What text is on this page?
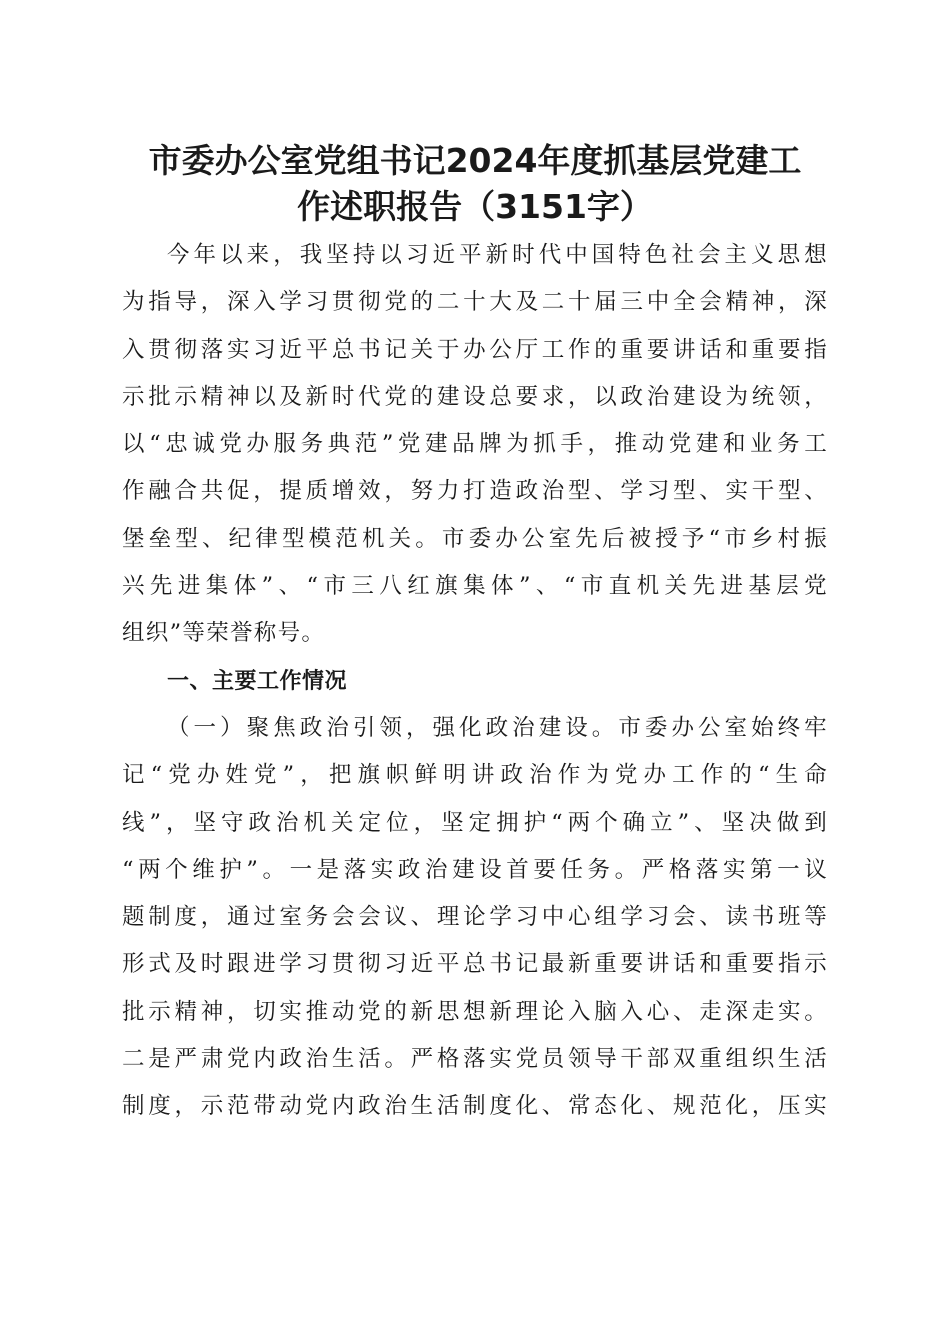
市委办公室党组书记2024年度抓基层党建工
作述职报告（3151字）
今年以来，我坚持以习近平新时代中国特色社会主义思想
为指导，深入学习贯彻党的二十大及二十届三中全会精神，深
入贯彻落实习近平总书记关于办公厅工作的重要讲话和重要指
示批示精神以及新时代党的建设总要求，以政治建设为统领，
以“忠诚党办服务典范”党建品牌为抓手，推动党建和业务工
作融合共促，提质增效，努力打造政治型、学习型、实干型、
堡垒型、纪律型模范机关。市委办公室先后被授予“市乡村振
兴先进集体”、“市三八红旗集体”、“市直机关先进基层党
组织”等荣誉称号。
一、主要工作情况
（一）聚焦政治引领，强化政治建设。市委办公室始终牢
记“党办姓党”，把旗帜鲜明讲政治作为党办工作的“生命
线”，坚守政治机关定位，坚定拥护“两个确立”、坚决做到
“两个维护”。一是落实政治建设首要任务。严格落实第一议
题制度，通过室务会会议、理论学习中心组学习会、读书班等
形式及时跟进学习贯彻习近平总书记最新重要讲话和重要指示
批示精神，切实推动党的新思想新理论入脑入心、走深走实。
二是严肃党内政治生活。严格落实党员领导干部双重组织生活
制度，示范带动党内政治生活制度化、常态化、规范化，压实
